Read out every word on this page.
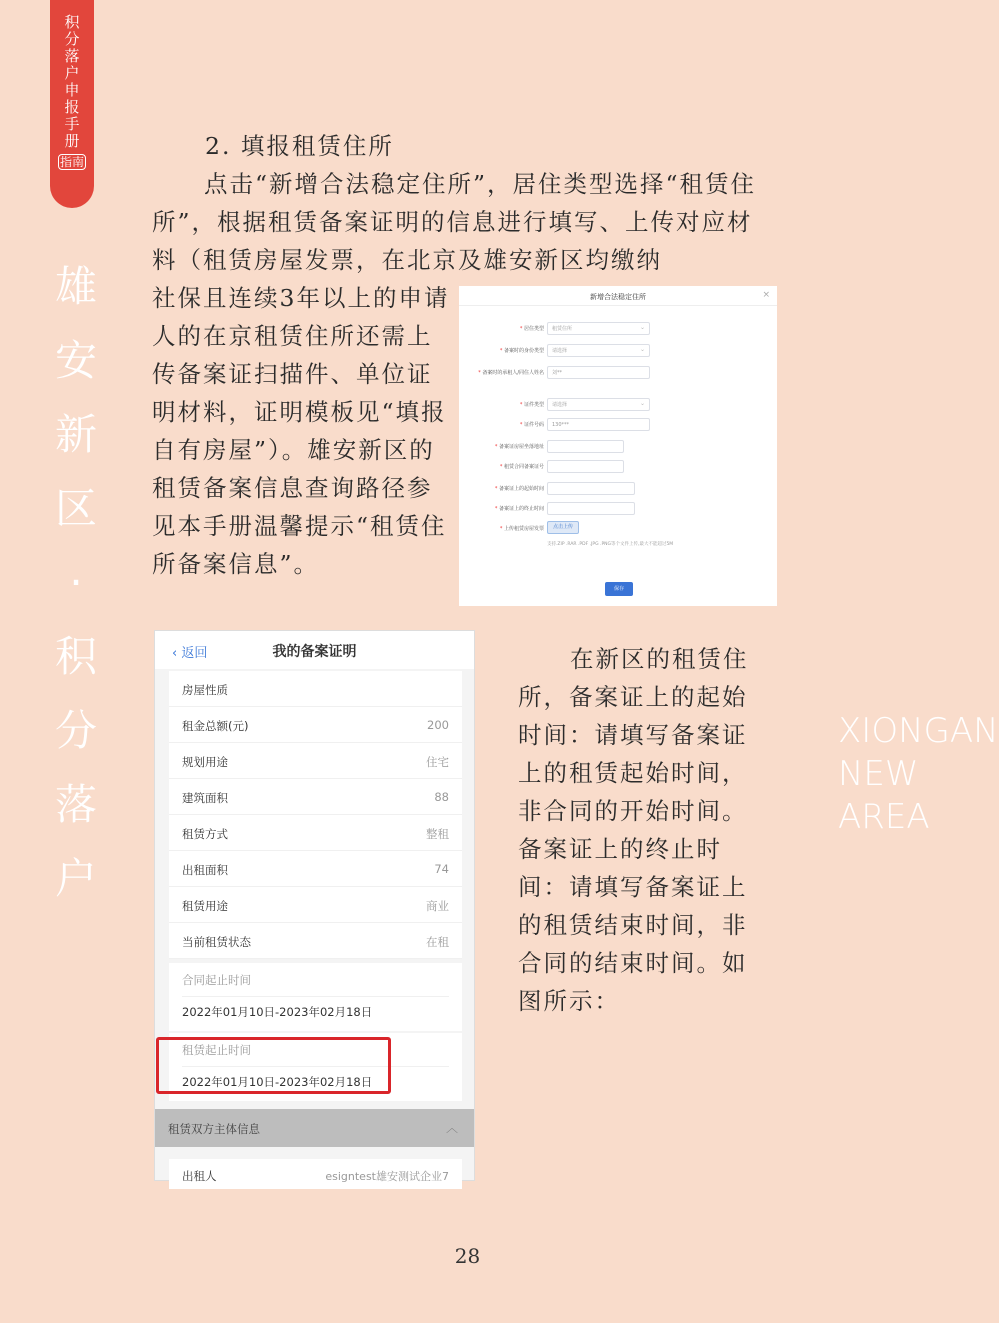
积分落户申报手册
指南
雄安新区·积分落户
XIONGAN NEW AREA
2. 填报租赁住所
点击“新增合法稳定住所”，居住类型选择“租赁住所”，根据租赁备案证明的信息进行填写、上传对应材料（租赁房屋发票，在北京及雄安新区均缴纳
社保且连续3年以上的申请人的在京租赁住所还需上传备案证扫描件、单位证明材料，证明模板见“填报自有房屋”）。雄安新区的租赁备案信息查询路径参见本手册温馨提示“租赁住所备案信息”。
新增合法稳定住所	×
* 居住类型	租赁住所	⌄
* 备案时的身份类型	请选择	⌄
* 备案时的承租人/同住人姓名	刘**
* 证件类型	请选择	⌄
* 证件号码	130***
* 备案证房屋坐落地址
* 租赁合同备案证号
* 备案证上的起始时间
* 备案证上的终止时间
* 上传租赁房屋发票	点击上传
支持.ZIP .RAR .PDF .JPG .PNG等个文件上传,最大不能超过5M
保存
‹ 返回	我的备案证明
房屋性质
租金总额(元)	200
规划用途	住宅
建筑面积	88
租赁方式	整租
出租面积	74
租赁用途	商业
当前租赁状态	在租
合同起止时间
2022年01月10日-2023年02月18日
租赁起止时间
2022年01月10日-2023年02月18日
租赁双方主体信息	︿
出租人	esigntest雄安测试企业7
在新区的租赁住所，备案证上的起始时间：请填写备案证上的租赁起始时间，非合同的开始时间。备案证上的终止时间：请填写备案证上的租赁结束时间，非合同的结束时间。如图所示：
28
